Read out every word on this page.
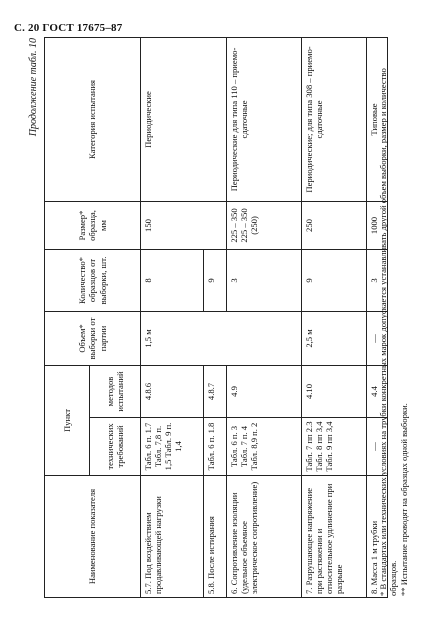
С. 20 ГОСТ 17675–87
Продолжение табл. 10
Наименование показателя	Пункт		Объем* выборки от партии	Количество* образцов от выборки, шт.	Размер* образца, мм	Категория испытания
	технических требований	методов испытаний				
5.7. Под воздействием продавливающей нагрузки	Табл. 6 п. 1.7 Табл. 7,8 п. 1,5 Табл. 9 п. 1,4	4.8.6	1,5 м	8	150	Периодические
5.8. После истирания	Табл. 6 п. 1.8	4.8.7		9		
6. Сопротивление изоляции (удельное объемное электрическое сопротивление)	Табл. 6 п. 3 Табл. 7 п. 4 Табл. 8,9 п. 2	4.9		3	225 – 350 225 – 350 (250)	Периодические для типа 110 – приемо-сдаточные
7. Разрушающее напряжение при растяжении и относительное удлинение при разрыве	Табл. 7 пп 2.3 Табл. 8 пп 3,4 Табл. 9 пп 3,4	4.10	2,5 м	9	250	Периодические; для типа 308 – приемо-сдаточные
8. Масса 1 м трубки	—	4.4	—	3	1000	Типовые * В стандартах или технических условиях на трубки конкретных марок допускается устанавливать другой объем выборки, размер и количество образцов. ** Испытание проводят на образцах одной выборки.
